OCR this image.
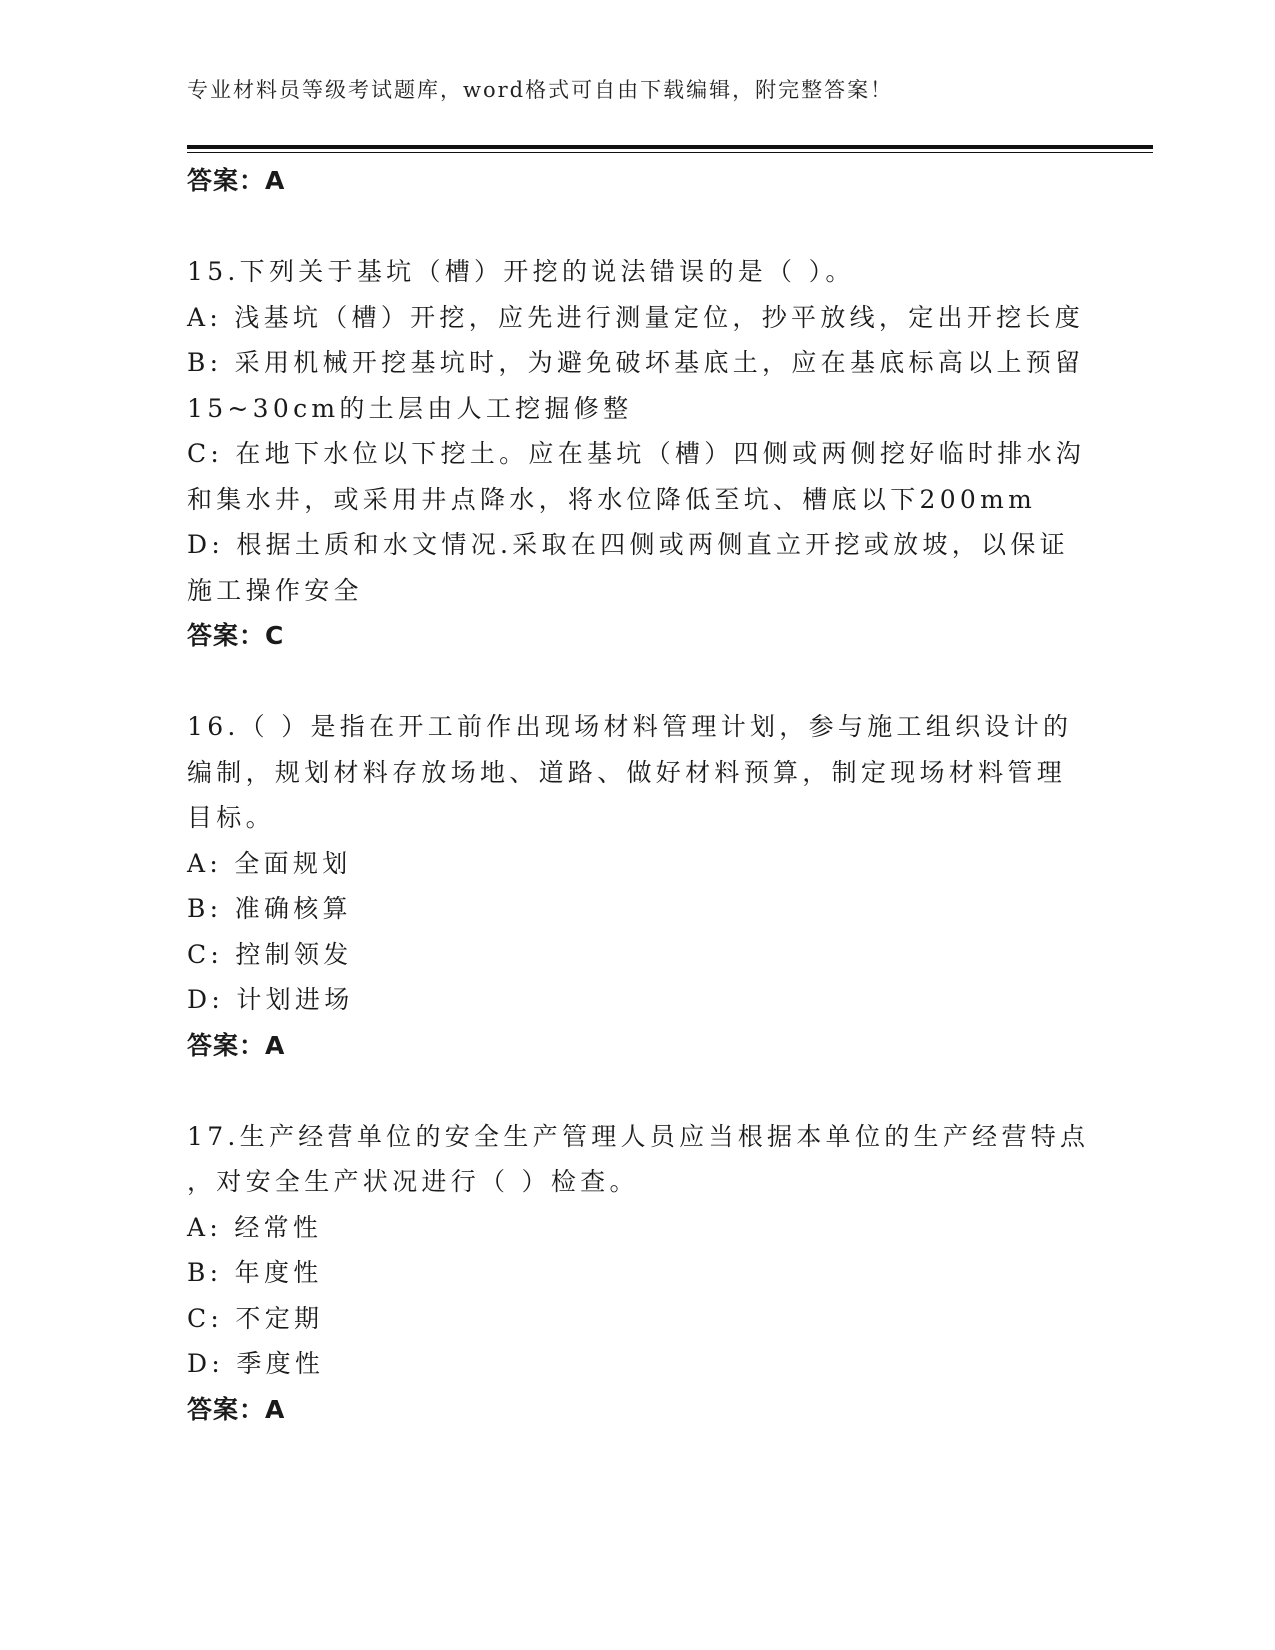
专业材料员等级考试题库，word格式可自由下载编辑，附完整答案！
答案：A
15.下列关于基坑（槽）开挖的说法错误的是（ ）。
A: 浅基坑（槽）开挖，应先进行测量定位，抄平放线，定出开挖长度
B: 采用机械开挖基坑时，为避免破坏基底土，应在基底标高以上预留
15~30cm的土层由人工挖掘修整
C: 在地下水位以下挖土。应在基坑（槽）四侧或两侧挖好临时排水沟
和集水井，或采用井点降水，将水位降低至坑、槽底以下200mm
D: 根据土质和水文情况.采取在四侧或两侧直立开挖或放坡，以保证
施工操作安全
答案：C
16.（ ）是指在开工前作出现场材料管理计划，参与施工组织设计的
编制，规划材料存放场地、道路、做好材料预算，制定现场材料管理
目标。
A: 全面规划
B: 准确核算
C: 控制领发
D: 计划进场
答案：A
17.生产经营单位的安全生产管理人员应当根据本单位的生产经营特点
，对安全生产状况进行（ ）检查。
A: 经常性
B: 年度性
C: 不定期
D: 季度性
答案：A
